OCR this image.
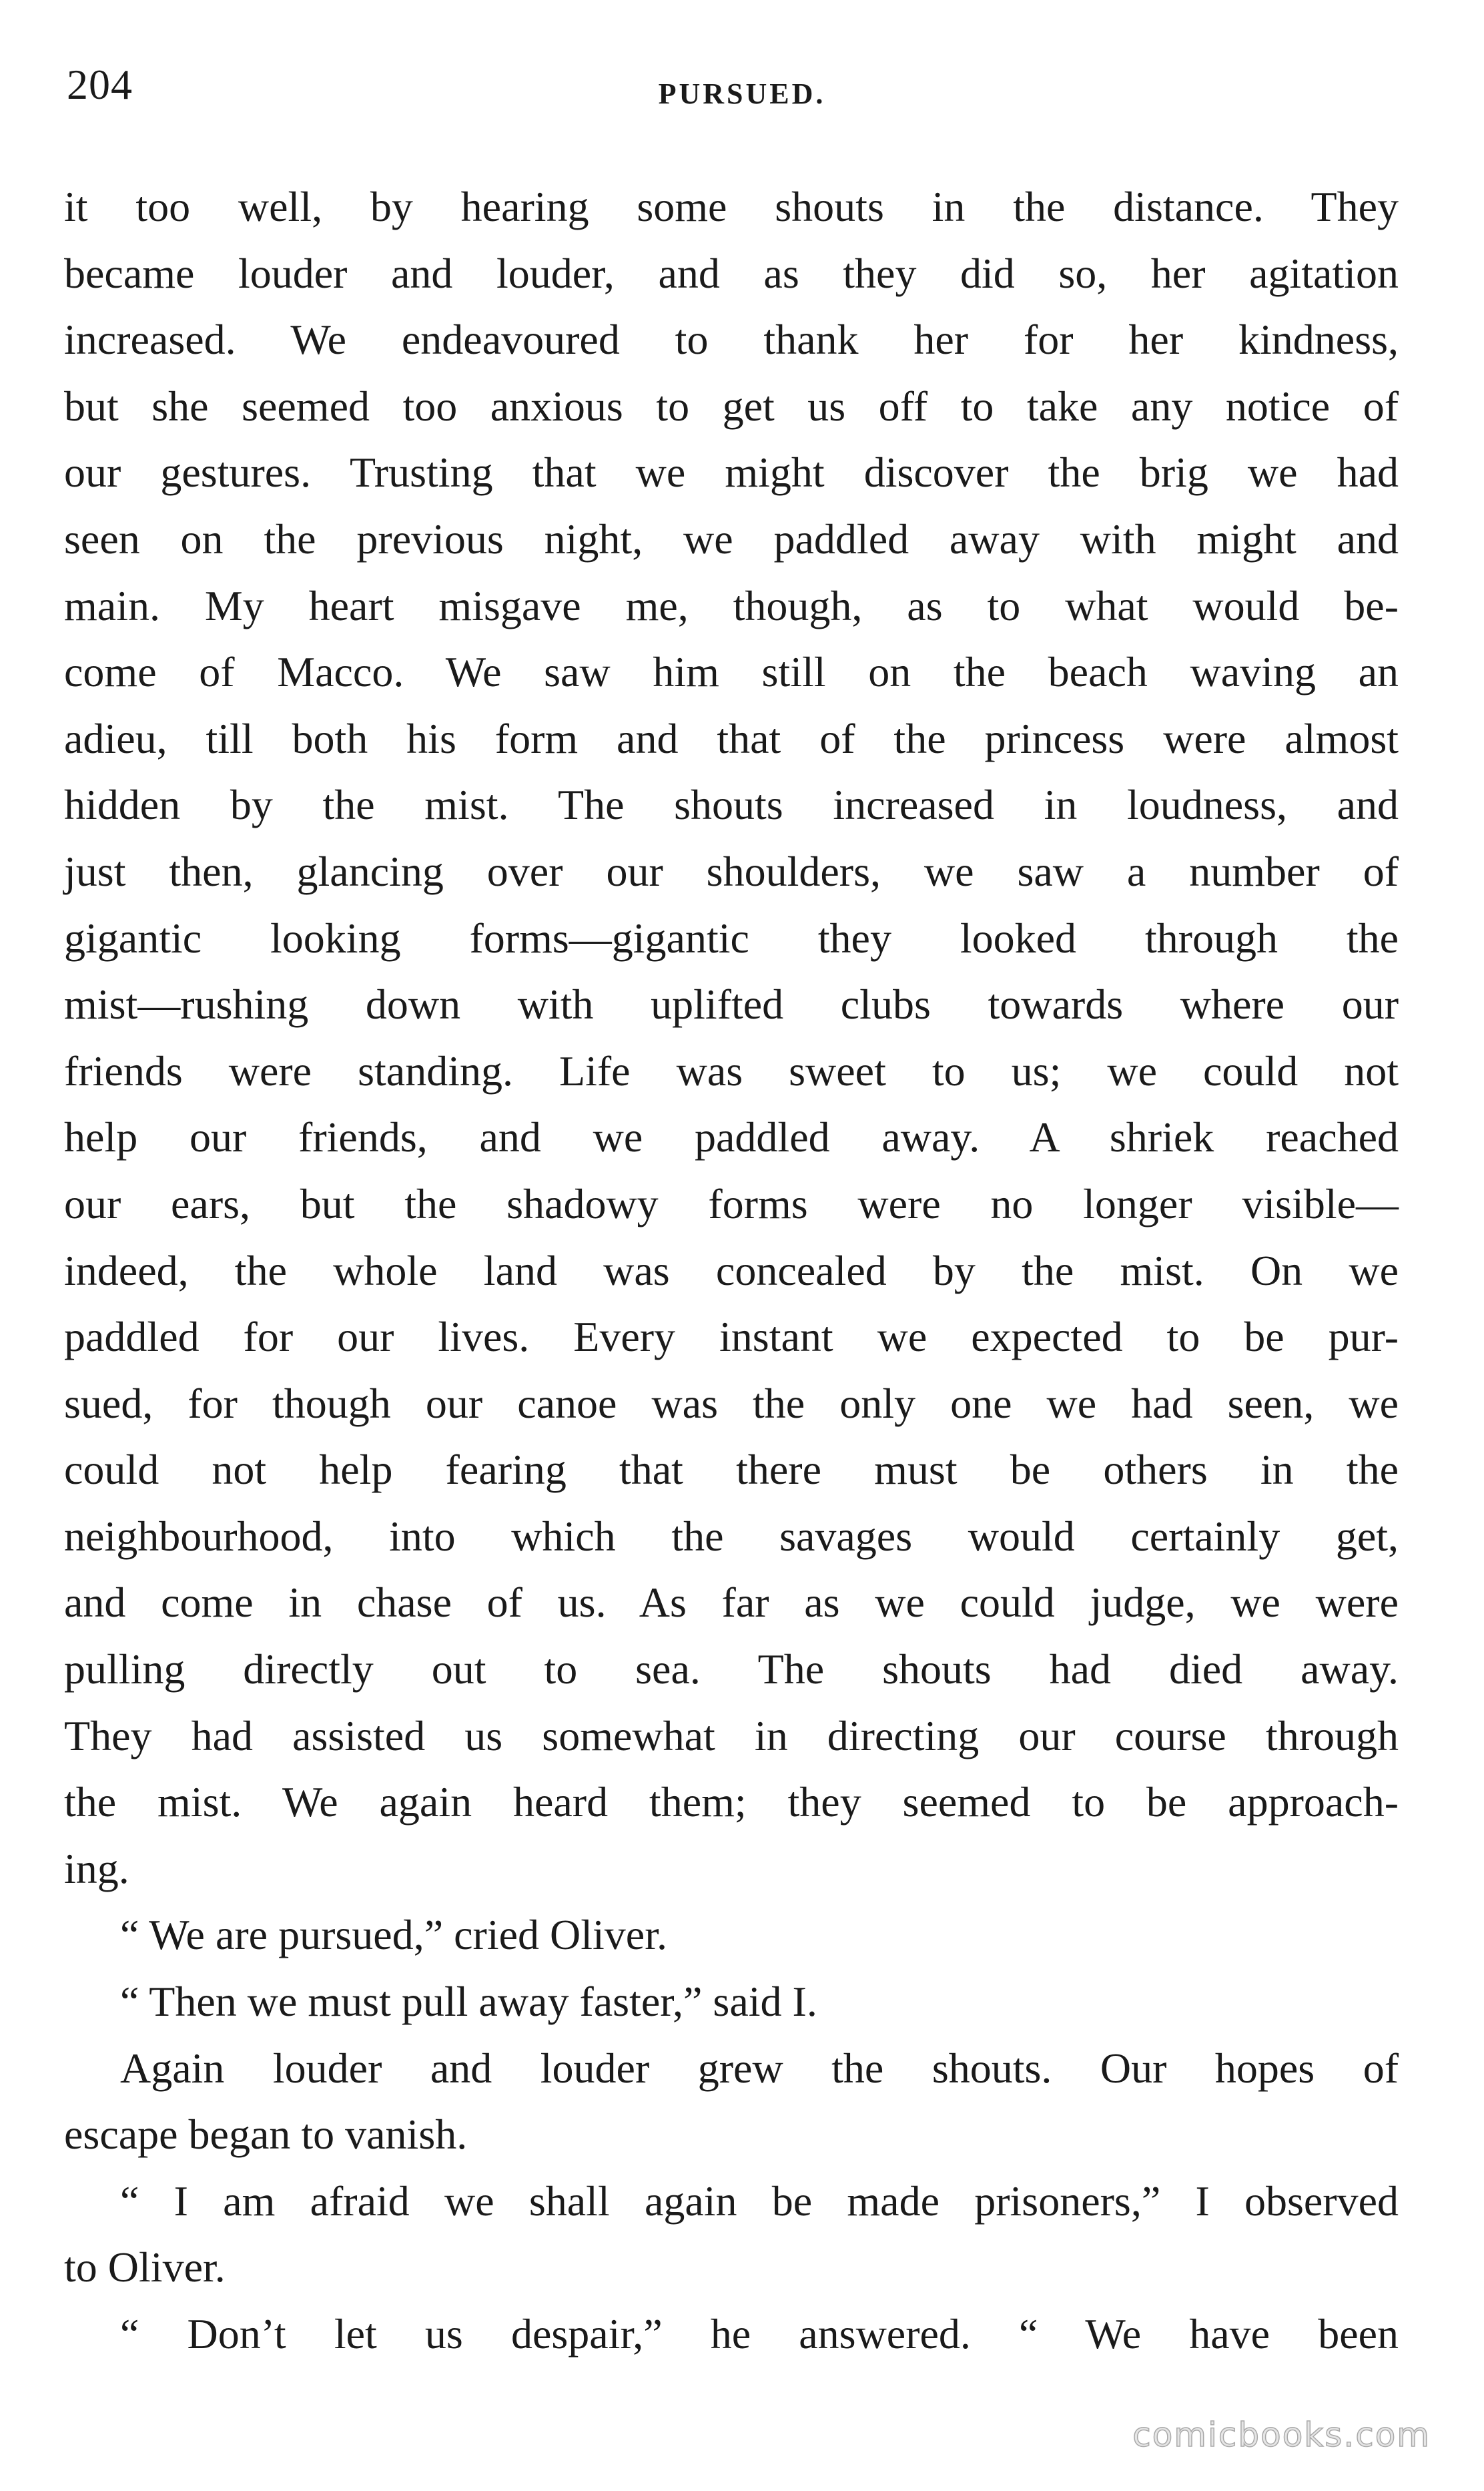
204	PURSUED.
it too well, by hearing some shouts in the distance. They
became louder and louder, and as they did so, her agitation
increased. We endeavoured to thank her for her kindness,
but she seemed too anxious to get us off to take any notice of
our gestures. Trusting that we might discover the brig we had
seen on the previous night, we paddled away with might and
main. My heart misgave me, though, as to what would be-
come of Macco. We saw him still on the beach waving an
adieu, till both his form and that of the princess were almost
hidden by the mist. The shouts increased in loudness, and
just then, glancing over our shoulders, we saw a number of
gigantic looking forms—gigantic they looked through the
mist—rushing down with uplifted clubs towards where our
friends were standing. Life was sweet to us; we could not
help our friends, and we paddled away. A shriek reached
our ears, but the shadowy forms were no longer visible—
indeed, the whole land was concealed by the mist. On we
paddled for our lives. Every instant we expected to be pur-
sued, for though our canoe was the only one we had seen, we
could not help fearing that there must be others in the
neighbourhood, into which the savages would certainly get,
and come in chase of us. As far as we could judge, we were
pulling directly out to sea. The shouts had died away.
They had assisted us somewhat in directing our course through
the mist. We again heard them; they seemed to be approach-
ing.
“ We are pursued,” cried Oliver.
“ Then we must pull away faster,” said I.
Again louder and louder grew the shouts. Our hopes of
escape began to vanish.
“ I am afraid we shall again be made prisoners,” I observed
to Oliver.
“ Don’t let us despair,” he answered. “ We have been
comicbooks.com
